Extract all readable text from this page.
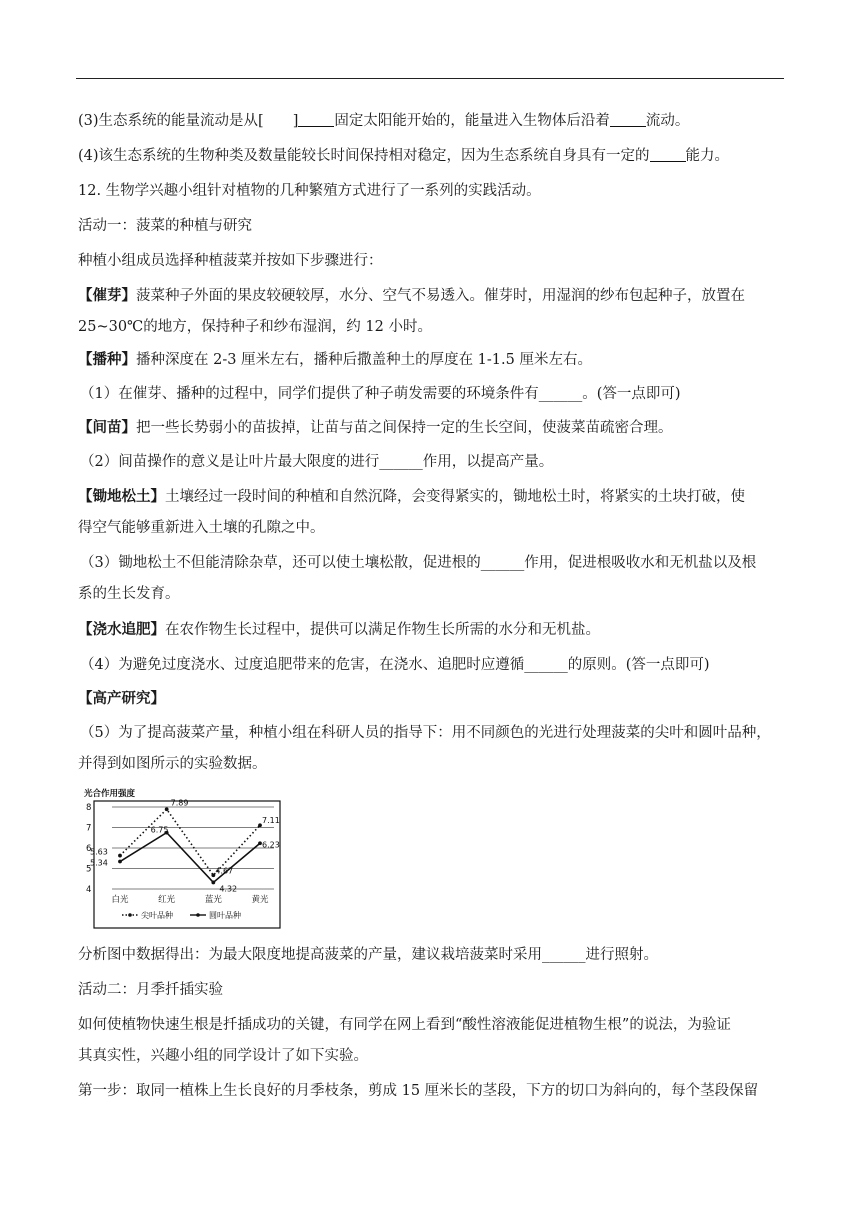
(3)生态系统的能量流动是从[　　 ] 固定太阳能开始的，能量进入生物体后沿着 流动。
(4)该生态系统的生物种类及数量能较长时间保持相对稳定，因为生态系统自身具有一定的 能力。
12. 生物学兴趣小组针对植物的几种繁殖方式进行了一系列的实践活动。
活动一：菠菜的种植与研究
种植小组成员选择种植菠菜并按如下步骤进行：
【催芽】菠菜种子外面的果皮较硬较厚，水分、空气不易透入。催芽时，用湿润的纱布包起种子，放置在
25~30℃的地方，保持种子和纱布湿润，约 12 小时。
【播种】播种深度在 2-3 厘米左右，播种后撒盖种土的厚度在 1-1.5 厘米左右。
（1）在催芽、播种的过程中，同学们提供了种子萌发需要的环境条件有______。(答一点即可)
【间苗】把一些长势弱小的苗拔掉，让苗与苗之间保持一定的生长空间，使菠菜苗疏密合理。
（2）间苗操作的意义是让叶片最大限度的进行______作用，以提高产量。
【锄地松土】土壤经过一段时间的种植和自然沉降，会变得紧实的，锄地松土时，将紧实的土块打破，使
得空气能够重新进入土壤的孔隙之中。
（3）锄地松土不但能清除杂草，还可以使土壤松散，促进根的______作用，促进根吸收水和无机盐以及根
系的生长发育。
【浇水追肥】在农作物生长过程中，提供可以满足作物生长所需的水分和无机盐。
（4）为避免过度浇水、过度追肥带来的危害，在浇水、追肥时应遵循______的原则。(答一点即可)
【高产研究】
（5）为了提高菠菜产量，种植小组在科研人员的指导下：用不同颜色的光进行处理菠菜的尖叶和圆叶品种，
并得到如图所示的实验数据。
光合作用强度
8
7
6
5
4
白光	红光	蓝光	黄光
5.63
7.89
4.67
7.11
5.34
6.75
4.32
6.23
尖叶品种	圆叶品种
分析图中数据得出：为最大限度地提高菠菜的产量，建议栽培菠菜时采用______进行照射。
活动二：月季扦插实验
如何使植物快速生根是扦插成功的关键，有同学在网上看到“酸性溶液能促进植物生根”的说法，为验证
其真实性，兴趣小组的同学设计了如下实验。
第一步：取同一植株上生长良好的月季枝条，剪成 15 厘米长的茎段，下方的切口为斜向的，每个茎段保留
